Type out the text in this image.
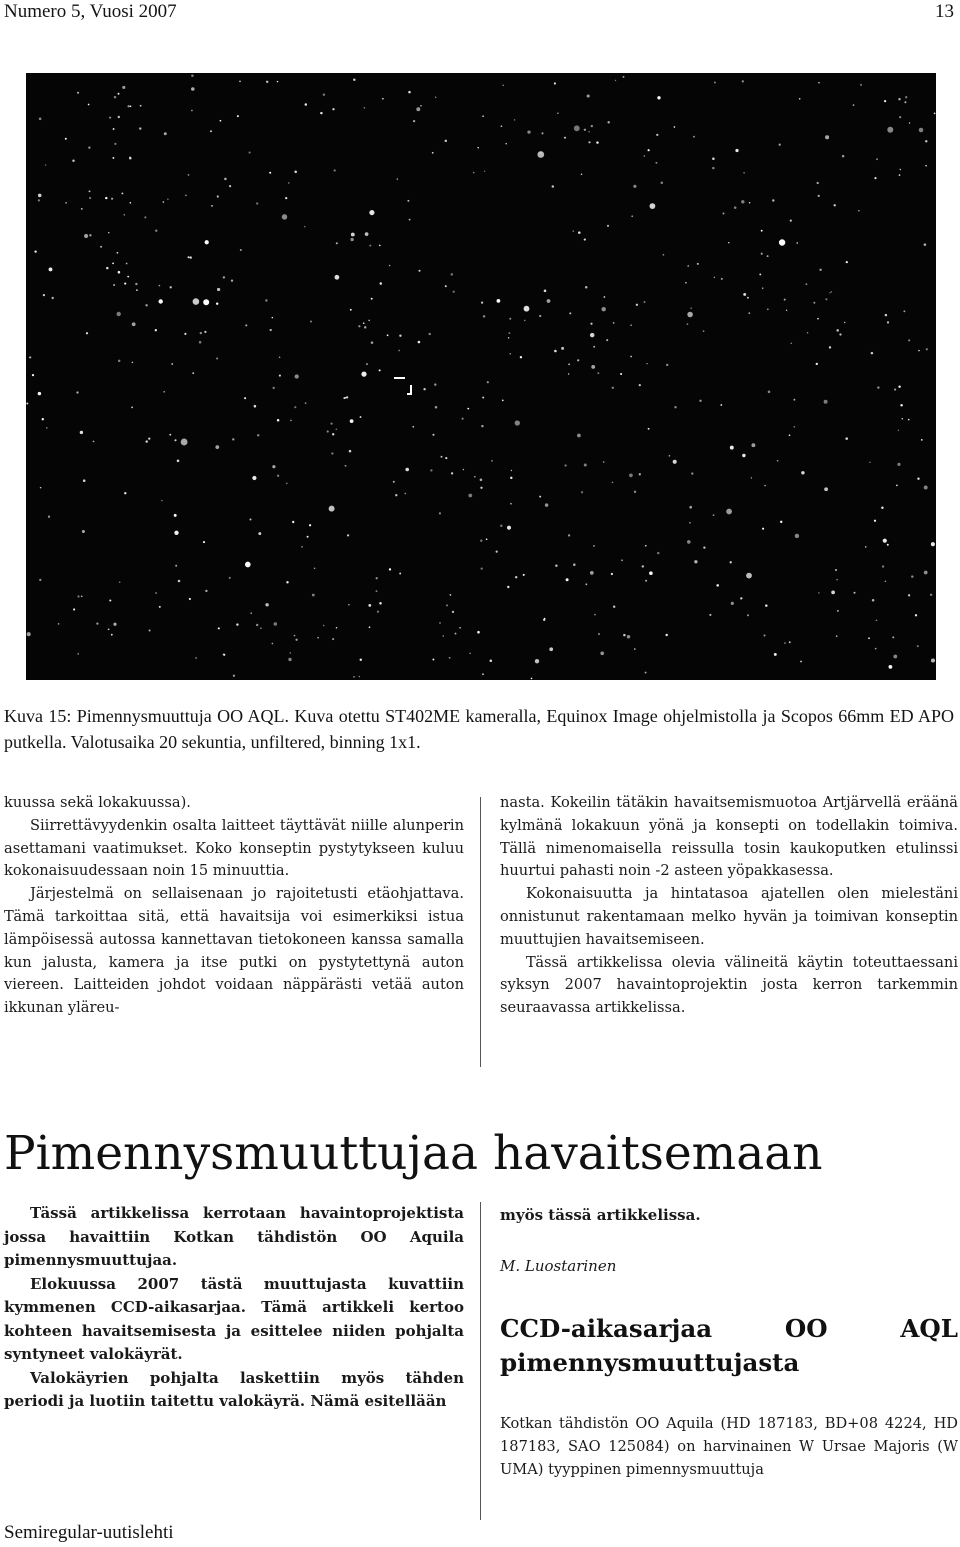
Numero 5, Vuosi 2007	13
Kuva 15: Pimennysmuuttuja OO AQL. Kuva otettu ST402ME kameralla, Equinox Image ohjelmistolla ja Scopos 66mm ED APO putkella. Valotusaika 20 sekuntia, unfiltered, binning 1x1.

kuussa sekä lokakuussa).

Siirrettävyydenkin osalta laitteet täyttävät niille alunperin asettamani vaatimukset. Koko konseptin pystytykseen kuluu kokonaisuudessaan noin 15 minuuttia.

Järjestelmä on sellaisenaan jo rajoitetusti etäohjattava. Tämä tarkoittaa sitä, että havaitsija voi esimerkiksi istua lämpöisessä autossa kannettavan tietokoneen kanssa samalla kun jalusta, kamera ja itse putki on pystytettynä auton viereen. Laitteiden johdot voidaan näppärästi vetää auton ikkunan yläreu-

nasta. Kokeilin tätäkin havaitsemismuotoa Artjärvellä eräänä kylmänä lokakuun yönä ja konsepti on todellakin toimiva. Tällä nimenomaisella reissulla tosin kaukoputken etulinssi huurtui pahasti noin -2 asteen yöpakkasessa.

Kokonaisuutta ja hintatasoa ajatellen olen mielestäni onnistunut rakentamaan melko hyvän ja toimivan konseptin muuttujien havaitsemiseen.

Tässä artikkelissa olevia välineitä käytin toteuttaessani syksyn 2007 havaintoprojektin josta kerron tarkemmin seuraavassa artikkelissa.

Pimennysmuuttujaa havaitsemaan

Tässä artikkelissa kerrotaan havaintoprojektista jossa havaittiin Kotkan tähdistön OO Aquila pimennysmuuttujaa.

Elokuussa 2007 tästä muuttujasta kuvattiin kymmenen CCD-aikasarjaa. Tämä artikkeli kertoo kohteen havaitsemisesta ja esittelee niiden pohjalta syntyneet valokäyrät.

Valokäyrien pohjalta laskettiin myös tähden periodi ja luotiin taitettu valokäyrä. Nämä esitellään

myös tässä artikkelissa.

M. Luostarinen
CCD-aikasarjaa OO AQL pimennysmuuttujasta

Kotkan tähdistön OO Aquila (HD 187183, BD+08 4224, HD 187183, SAO 125084) on harvinainen W Ursae Majoris (W UMA) tyyppinen pimennysmuuttuja

Semiregular-uutislehti
